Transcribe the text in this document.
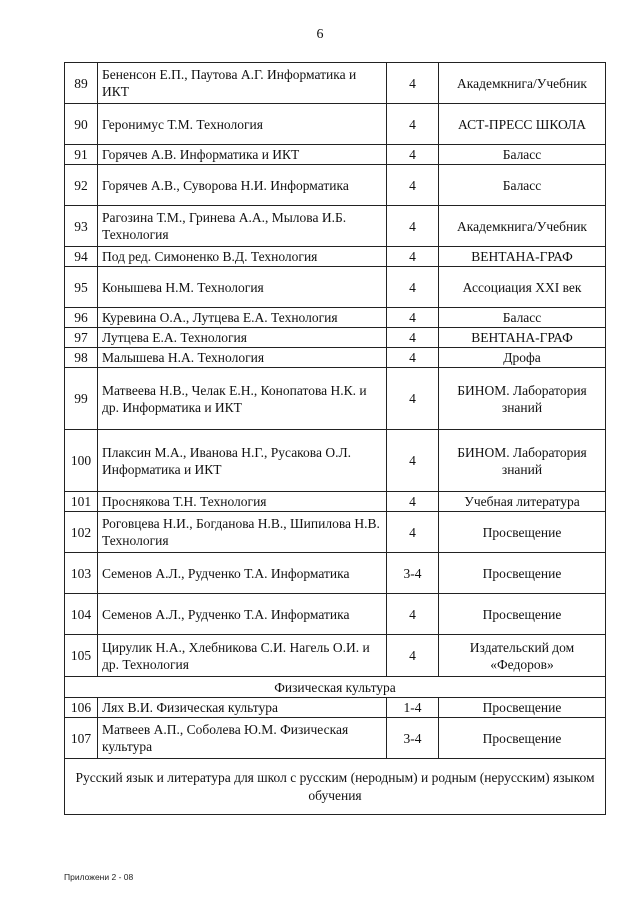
6
89	Бененсон Е.П., Паутова А.Г. Информатика и ИКТ	4	Академкнига/Учебник
90	Геронимус Т.М. Технология	4	АСТ-ПРЕСС ШКОЛА
91	Горячев А.В. Информатика и ИКТ	4	Баласс
92	Горячев А.В., Суворова Н.И. Информатика	4	Баласс
93	Рагозина Т.М., Гринева А.А., Мылова И.Б. Технология	4	Академкнига/Учебник
94	Под ред. Симоненко В.Д. Технология	4	ВЕНТАНА-ГРАФ
95	Конышева Н.М. Технология	4	Ассоциация XXI век
96	Куревина О.А., Лутцева Е.А. Технология	4	Баласс
97	Лутцева Е.А. Технология	4	ВЕНТАНА-ГРАФ
98	Малышева Н.А. Технология	4	Дрофа
99	Матвеева Н.В., Челак Е.Н., Конопатова Н.К. и др. Информатика и ИКТ	4	БИНОМ. Лаборатория знаний
100	Плаксин М.А., Иванова Н.Г., Русакова О.Л. Информатика и ИКТ	4	БИНОМ. Лаборатория знаний
101	Проснякова Т.Н. Технология	4	Учебная литература
102	Роговцева Н.И., Богданова Н.В., Шипилова Н.В. Технология	4	Просвещение
103	Семенов А.Л., Рудченко Т.А. Информатика	3-4	Просвещение
104	Семенов А.Л., Рудченко Т.А. Информатика	4	Просвещение
105	Цирулик Н.А., Хлебникова С.И. Нагель О.И. и др. Технология	4	Издательский дом «Федоров»
Физическая культура			
106	Лях В.И. Физическая культура	1-4	Просвещение
107	Матвеев А.П., Соболева Ю.М. Физическая культура	3-4	Просвещение
Русский язык и литература для школ с русским (неродным) и родным (нерусским) языком обучения			
Приложени 2 - 08
